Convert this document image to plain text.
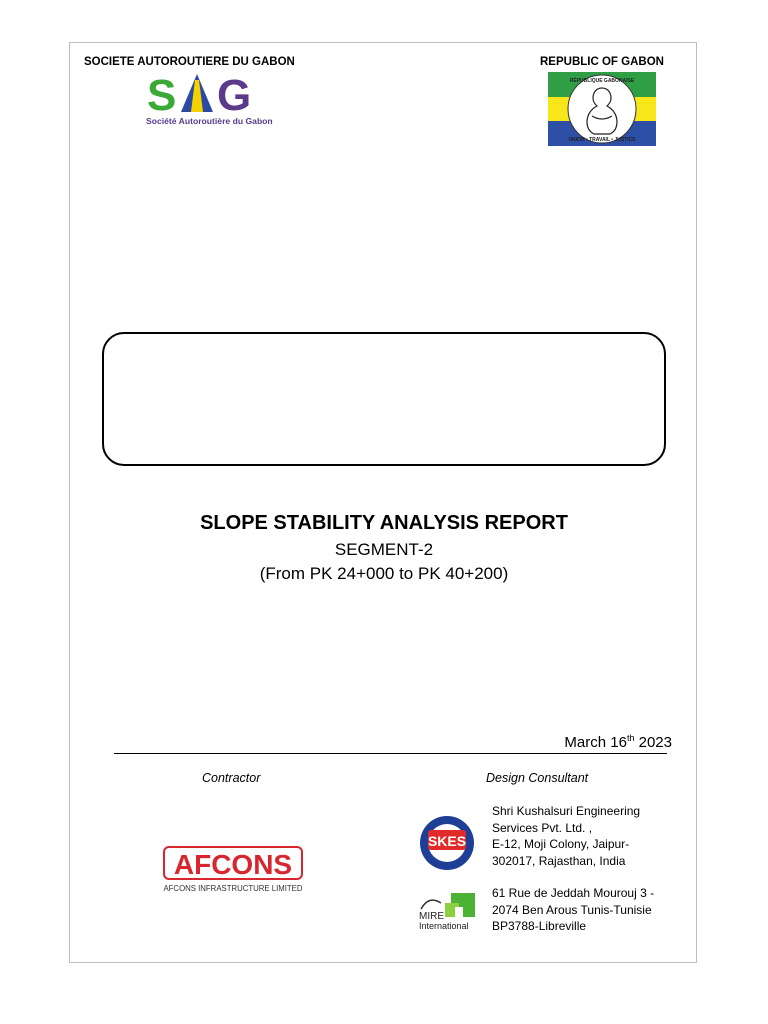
SOCIETE AUTOROUTIERE DU GABON	REPUBLIC OF GABON
S G
Société Autoroutière du Gabon
RÉPUBLIQUE GABONAISE
UNION • TRAVAIL • JUSTICE
SLOPE STABILITY ANALYSIS REPORT
SEGMENT-2
(From PK 24+000 to PK 40+200)
March 16th 2023
Contractor	Design Consultant
AFCONS
AFCONS INFRASTRUCTURE LIMITED
SKES
MIRE
International
Shri Kushalsuri Engineering
Services Pvt. Ltd. ,
E-12, Moji Colony, Jaipur-
302017, Rajasthan, India
61 Rue de Jeddah Mourouj 3 -
2074 Ben Arous Tunis-Tunisie
BP3788-Libreville
